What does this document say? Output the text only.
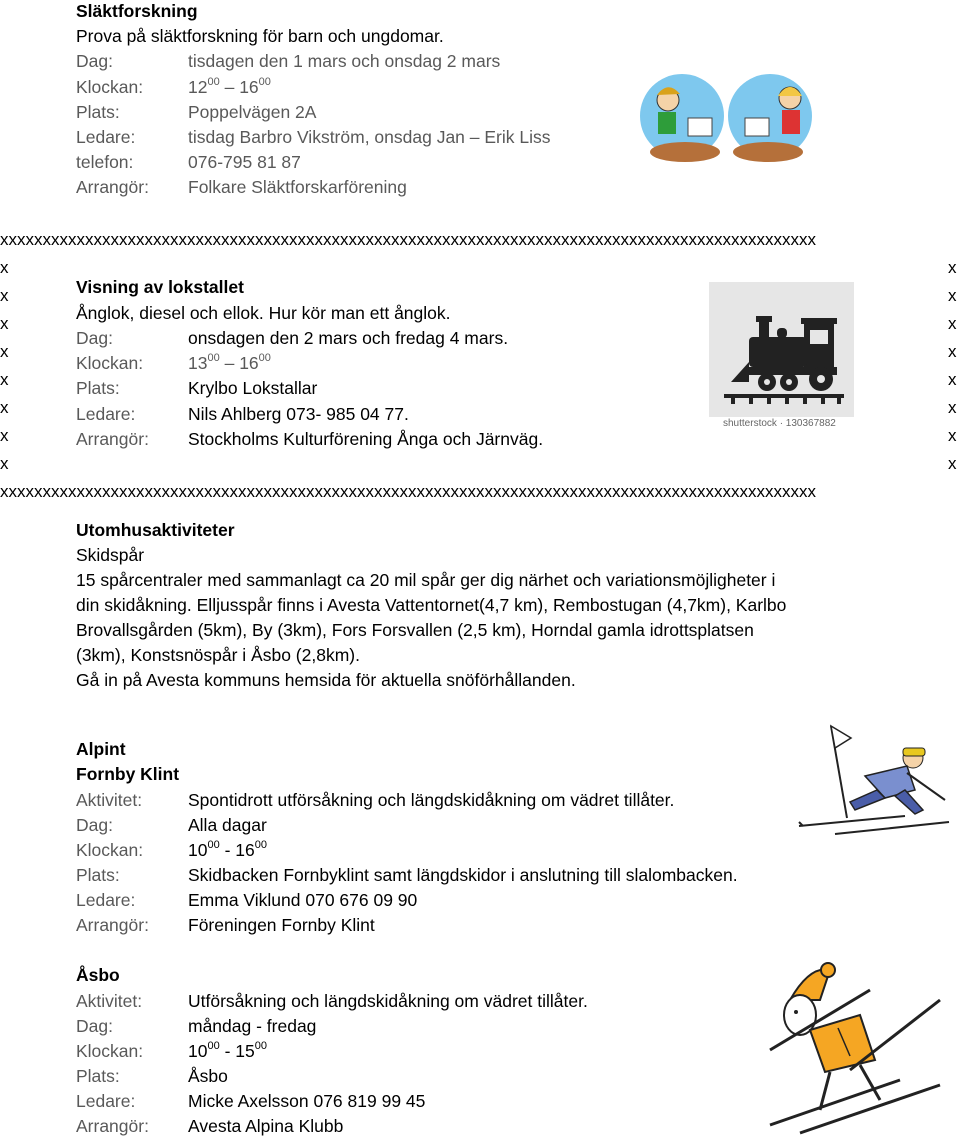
Släktforskning
Prova på släktforskning för barn och ungdomar.
Dag:	tisdagen den 1 mars och onsdag 2 mars
Klockan:	$12^{00} - 16^{00}$
Plats:	Poppelvägen 2A
Ledare:	tisdag Barbro Vikström, onsdag Jan – Erik Liss
telefon:	076-795 81 87
Arrangör: Folkare Släktforskarförening
xxxxxxxxxxxxxxxxxxxxxxxxxxxxxxxxxxxxxxxxxxxxxxxxxxxxxxxxxxxxxxxxxxxxxxxxxxxxxxxxxxxxxxxxxxxxxxxx
xxxxxxxxxxxxxxxxxxxxxxxxxxxxxxxxxxxxxxxxxxxxxxxxxxxxxxxxxxxxxxxxxxxxxxxxxxxxxxxxxxxxxxxxxxxxxxxx
x
x
x
x
x
x
x
x
x
x
x
x
x
x
x
x
Visning av lokstallet
Ånglok, diesel och ellok. Hur kör man ett ånglok.
Dag:	onsdagen den 2 mars och fredag 4 mars.
Klockan:	$13^{00} - 16^{00}$
Plats:	Krylbo Lokstallar
Ledare:	Nils Ahlberg 073- 985 04 77.
Arrangör: Stockholms Kulturförening Ånga och Järnväg.
shutterstock · 130367882
Utomhusaktiviteter
Skidspår
15 spårcentraler med sammanlagt ca 20 mil spår ger dig närhet och variationsmöjligheter i
din skidåkning. Elljusspår finns i Avesta Vattentornet(4,7 km), Rembostugan (4,7km), Karlbo
Brovallsgården (5km), By (3km), Fors Forsvallen (2,5 km), Horndal gamla idrottsplatsen
(3km), Konstsnöspår i Åsbo (2,8km).
Gå in på Avesta kommuns hemsida för aktuella snöförhållanden.
Alpint
Fornby Klint
Aktivitet:	Spontidrott utförsåkning och längdskidåkning om vädret tillåter.
Dag:	Alla dagar
Klockan:	$10^{00} - 16^{00}$
Plats:	Skidbacken Fornbyklint samt längdskidor i anslutning till slalombacken.
Ledare:	Emma Viklund 070 676 09 90
Arrangör: Föreningen Fornby Klint
Åsbo
Aktivitet:	Utförsåkning och längdskidåkning om vädret tillåter.
Dag:	måndag - fredag
Klockan:	$10^{00} - 15^{00}$
Plats:	Åsbo
Ledare:	Micke Axelsson 076 819 99 45
Arrangör: Avesta Alpina Klubb
